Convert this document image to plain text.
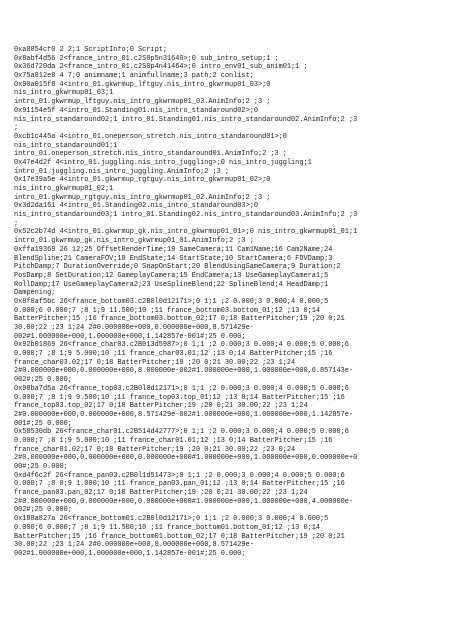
0xa8854cf0 2 2;1 ScriptInfo;0 Script;
0x8abf4d56 2<france_intro_01.c2S0p5n31640>;0 sub_intro_setup;1 ;
0x36d720da 2<france_intro_01.c2S0p4n41464>;0 intro_env01_sub_anim01;1 ;
0x75a812e8 4 7;0 animname;1 animfullname;3 path;2 conlist;
0x90a015f8 4<intro_01.gkwrmup_lftguy.nis_intro_gkwrmup01_03>;0
nis_intro_gkwrmup01_03;1
intro_01.gkwrmup_lftguy.nis_intro_gkwrmup01_03.AnimInfo;2 ;3 ;
0x91154e5f 4<intro_01.Standing01.nis_intro_standaround02>;0
nis_intro_standaround02;1 intro_01.Standing01.nis_intro_standaround02.AnimInfo;2 ;3
;
0xcb1c445a 4<intro_01.oneperson_stretch.nis_intro_standaround01>;0
nis_intro_standaround01;1
intro_01.oneperson_stretch.nis_intro_standaround01.AnimInfo;2 ;3 ;
0x47e4d2f 4<intro_01.juggling.nis_intro_juggling>;0 nis_intro_juggling;1
intro_01.juggling.nis_intro_juggling.AnimInfo;2 ;3 ;
0x17e39a5e 4<intro_01.gkwrmup_rgtguy.nis_intro_gkwrmup01_02>;0
nis_intro_gkwrmup01_02;1
intro_01.gkwrmup_rgtguy.nis_intro_gkwrmup01_02.AnimInfo;2 ;3 ;
0x3d2da161 4<intro_01.Standing02.nis_intro_standaround03>;0
nis_intro_standaround03;1 intro_01.Standing02.nis_intro_standaround03.AnimInfo;2 ;3
;
0x52c2b74d 4<intro_01.gkwrmup_gk.nis_intro_gkwrmup01_01>;0 nis_intro_gkwrmup01_01;1
intro_01.gkwrmup_gk.nis_intro_gkwrmup01_01.AnimInfo;2 ;3 ;
0xffa19369 26 12;25 OffsetRenderTime;19 SameCamera;11 Cam1Name;16 Cam2Name;24
BlendSpline;21 CameraFOV;18 EndState;14 StartState;10 StartCamera;6 FOVDamp;3
PitchDamp;7 DurationOverride;0 SnapOnStart;20 BlendUsingSameCamera;9 Duration;2
PosDamp;8 SetDuration;12 GameplayCamera;15 EndCamera;13 UseGameplayCamera1;5
RollDamp;17 UseGameplayCamera2;23 UseSplineBlend;22 SplineBlend;4 HeadDamp;1
Dampening;
0x8f0af5bc 26<france_bottom03.c2B0l0d12171>;0 1;1 ;2 0.000;3 0.000;4 0.000;5
0.000;6 0.000;7 ;8 1;9 11.500;10 ;11 france_bottom03.bottom_01;12 ;13 0;14
BatterPitcher;15 ;16 france_bottom03.bottom_02;17 0;18 BatterPitcher;19 ;20 0;21
30.00;22 ;23 1;24 2#0.000000e+000,0.000000e+000,8.571429e-
002#1.000000e+000,1.000000e+000,1.142857e-001#;25 0.000;
0x92b01869 26<france_char03.c2B013d5987>;0 1;1 ;2 0.000;3 0.000;4 0.000;5 0.000;6
0.000;7 ;8 1;9 5.000;10 ;11 france_char03.01;12 ;13 0;14 BatterPitcher;15 ;16
france_char03.02;17 0;18 BatterPitcher;19 ;20 0;21 30.00;22 ;23 1;24
2#0.000000e+000,0.000000e+000,8.000000e-002#1.000000e+000,1.000000e+000,6.857143e-
002#;25 0.000;
0x98ba7d5a 26<france_top03.c2B0l0d12171>;0 1;1 ;2 0.000;3 0.000;4 0.000;5 0.000;6
0.000;7 ;8 1;9 9.500;10 ;11 france_top03.top_01;12 ;13 0;14 BatterPitcher;15 ;16
france_top03.top_02;17 0;18 BatterPitcher;19 ;20 0;21 30.00;22 ;23 1;24
2#0.000000e+000,0.000000e+000,8.571429e-002#1.000000e+000,1.000000e+000,1.142857e-
001#;25 0.000;
0x58530db 26<france_char01.c2B514d42777>;0 1;1 ;2 0.000;3 0.000;4 0.000;5 0.000;6
0.000;7 ;8 1;9 5.000;10 ;11 france_char01.01;12 ;13 0;14 BatterPitcher;15 ;16
france_char01.02;17 0;18 BatterPitcher;19 ;20 0;21 30.00;22 ;23 0;24
2#0.000000e+000,0.000000e+000,0.000000e+000#1.000000e+000,1.000000e+000,0.000000e+0
00#;25 0.000;
0xd4f6c2f 26<france_pan03.c2B0l1d51473>;0 1;1 ;2 0.000;3 0.000;4 0.000;5 0.000;6
0.000;7 ;8 0;9 1.000;10 ;11 france_pan03.pan_01;12 ;13 0;14 BatterPitcher;15 ;16
france_pan03.pan_02;17 0;18 BatterPitcher;19 ;20 0;21 30.00;22 ;23 1;24
2#0.000000e+000,0.000000e+000,0.000000e+000#1.000000e+000,1.000000e+000,4.000000e-
002#;25 0.000;
0x188a827a 26<france_bottom01.c2B0l0d12171>;0 1;1 ;2 0.000;3 0.000;4 0.000;5
0.000;6 0.000;7 ;8 1;9 11.500;10 ;11 france_bottom01.bottom_01;12 ;13 0;14
BatterPitcher;15 ;16 france_bottom01.bottom_02;17 0;18 BatterPitcher;19 ;20 0;21
30.00;22 ;23 1;24 2#0.000000e+000,0.000000e+000,8.571429e-
002#1.000000e+000,1.000000e+000,1.142857e-001#;25 0.000;
